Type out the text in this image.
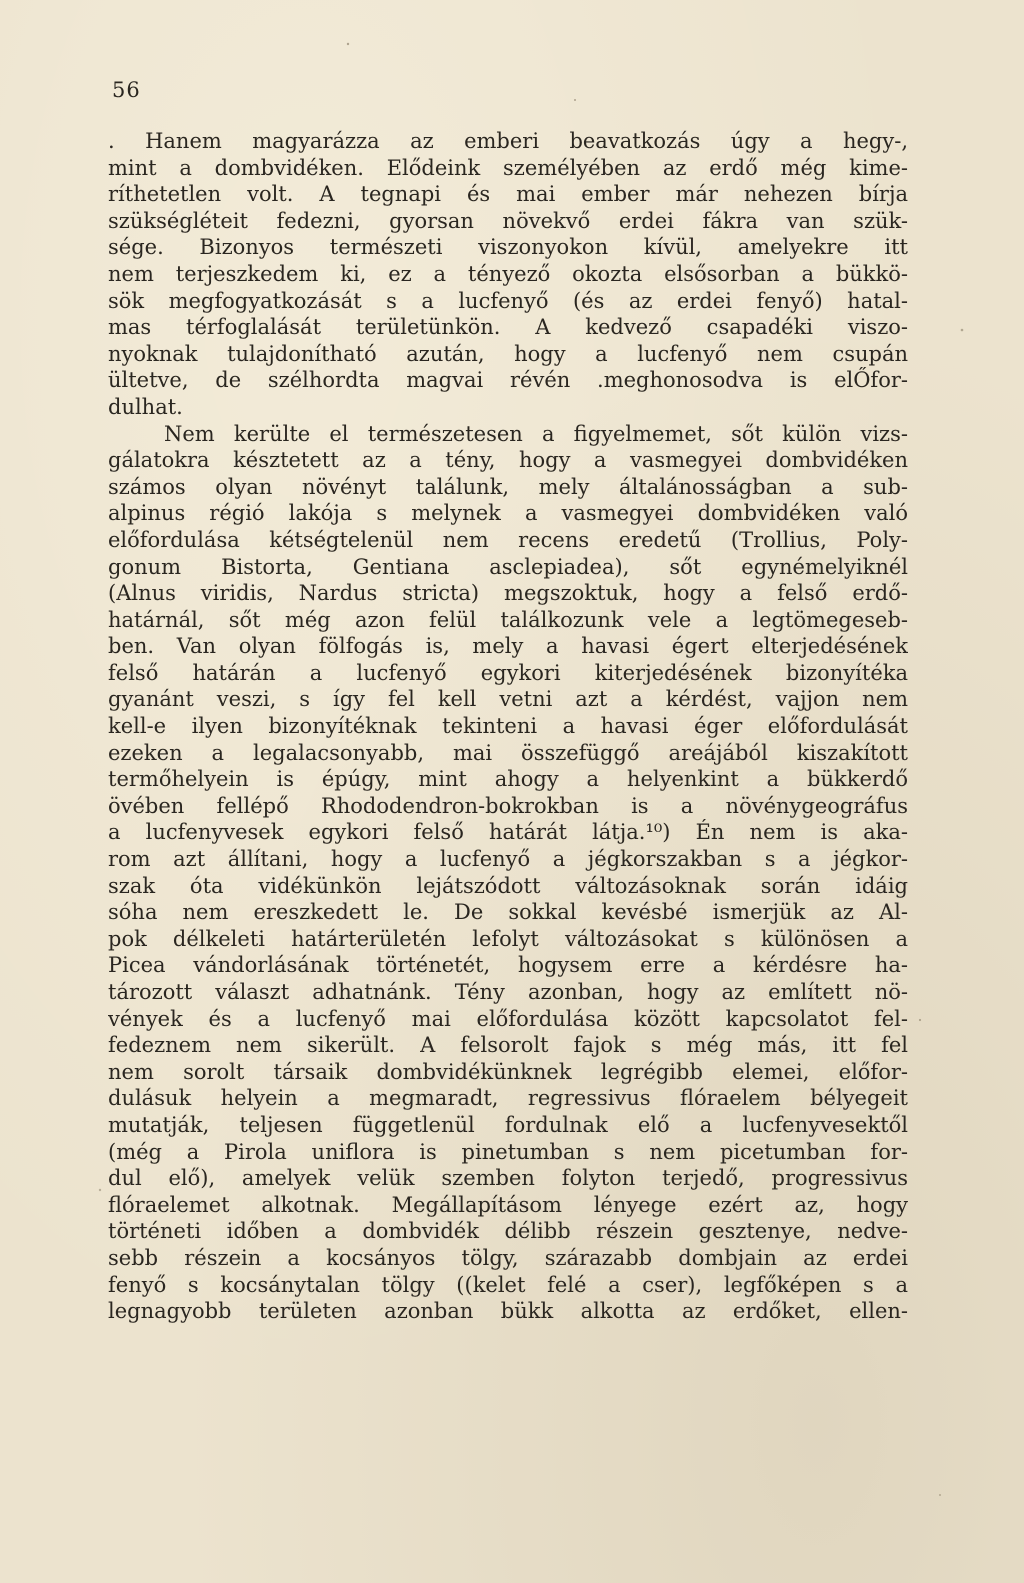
56
. Hanem magyarázza az emberi beavatkozás úgy a hegy-,
mint a dombvidéken. Elődeink személyében az erdő még kime-
ríthetetlen volt. A tegnapi és mai ember már nehezen bírja
szükségléteit fedezni, gyorsan növekvő erdei fákra van szük-
sége. Bizonyos természeti viszonyokon kívül, amelyekre itt
nem terjeszkedem ki, ez a tényező okozta elsősorban a bükkö-
sök megfogyatkozását s a lucfenyő (és az erdei fenyő) hatal-
mas térfoglalását területünkön. A kedvező csapadéki viszo-
nyoknak tulajdonítható azután, hogy a lucfenyő nem csupán
ültetve, de szélhordta magvai révén .meghonosodva is elŐfor-
dulhat.
Nem kerülte el természetesen a figyelmemet, sőt külön vizs-
gálatokra késztetett az a tény, hogy a vasmegyei dombvidéken
számos olyan növényt találunk, mely általánosságban a sub-
alpinus régió lakója s melynek a vasmegyei dombvidéken való
előfordulása kétségtelenül nem recens eredetű (Trollius, Poly-
gonum Bistorta, Gentiana asclepiadea), sőt egynémelyiknél
(Alnus viridis, Nardus stricta) megszoktuk, hogy a felső erdő-
határnál, sőt még azon felül találkozunk vele a legtömegeseb-
ben. Van olyan fölfogás is, mely a havasi égert elterjedésének
felső határán a lucfenyő egykori kiterjedésének bizonyítéka
gyanánt veszi, s így fel kell vetni azt a kérdést, vajjon nem
kell-e ilyen bizonyítéknak tekinteni a havasi éger előfordulását
ezeken a legalacsonyabb, mai összefüggő areájából kiszakított
termőhelyein is épúgy, mint ahogy a helyenkint a bükkerdő
övében fellépő Rhododendron-bokrokban is a növénygeográfus
a lucfenyvesek egykori felső határát látja.¹⁰) Én nem is aka-
rom azt állítani, hogy a lucfenyő a jégkorszakban s a jégkor-
szak óta vidékünkön lejátszódott változásoknak során idáig
sóha nem ereszkedett le. De sokkal kevésbé ismerjük az Al-
pok délkeleti határterületén lefolyt változásokat s különösen a
Picea vándorlásának történetét, hogysem erre a kérdésre ha-
tározott választ adhatnánk. Tény azonban, hogy az említett nö-
vények és a lucfenyő mai előfordulása között kapcsolatot fel-
fedeznem nem sikerült. A felsorolt fajok s még más, itt fel
nem sorolt társaik dombvidékünknek legrégibb elemei, előfor-
dulásuk helyein a megmaradt, regressivus flóraelem bélyegeit
mutatják, teljesen függetlenül fordulnak elő a lucfenyvesektől
(még a Pirola uniflora is pinetumban s nem picetumban for-
dul elő), amelyek velük szemben folyton terjedő, progressivus
flóraelemet alkotnak. Megállapításom lényege ezért az, hogy
történeti időben a dombvidék délibb részein gesztenye, nedve-
sebb részein a kocsányos tölgy, szárazabb dombjain az erdei
fenyő s kocsánytalan tölgy ((kelet felé a cser), legfőképen s a
legnagyobb területen azonban bükk alkotta az erdőket, ellen-
